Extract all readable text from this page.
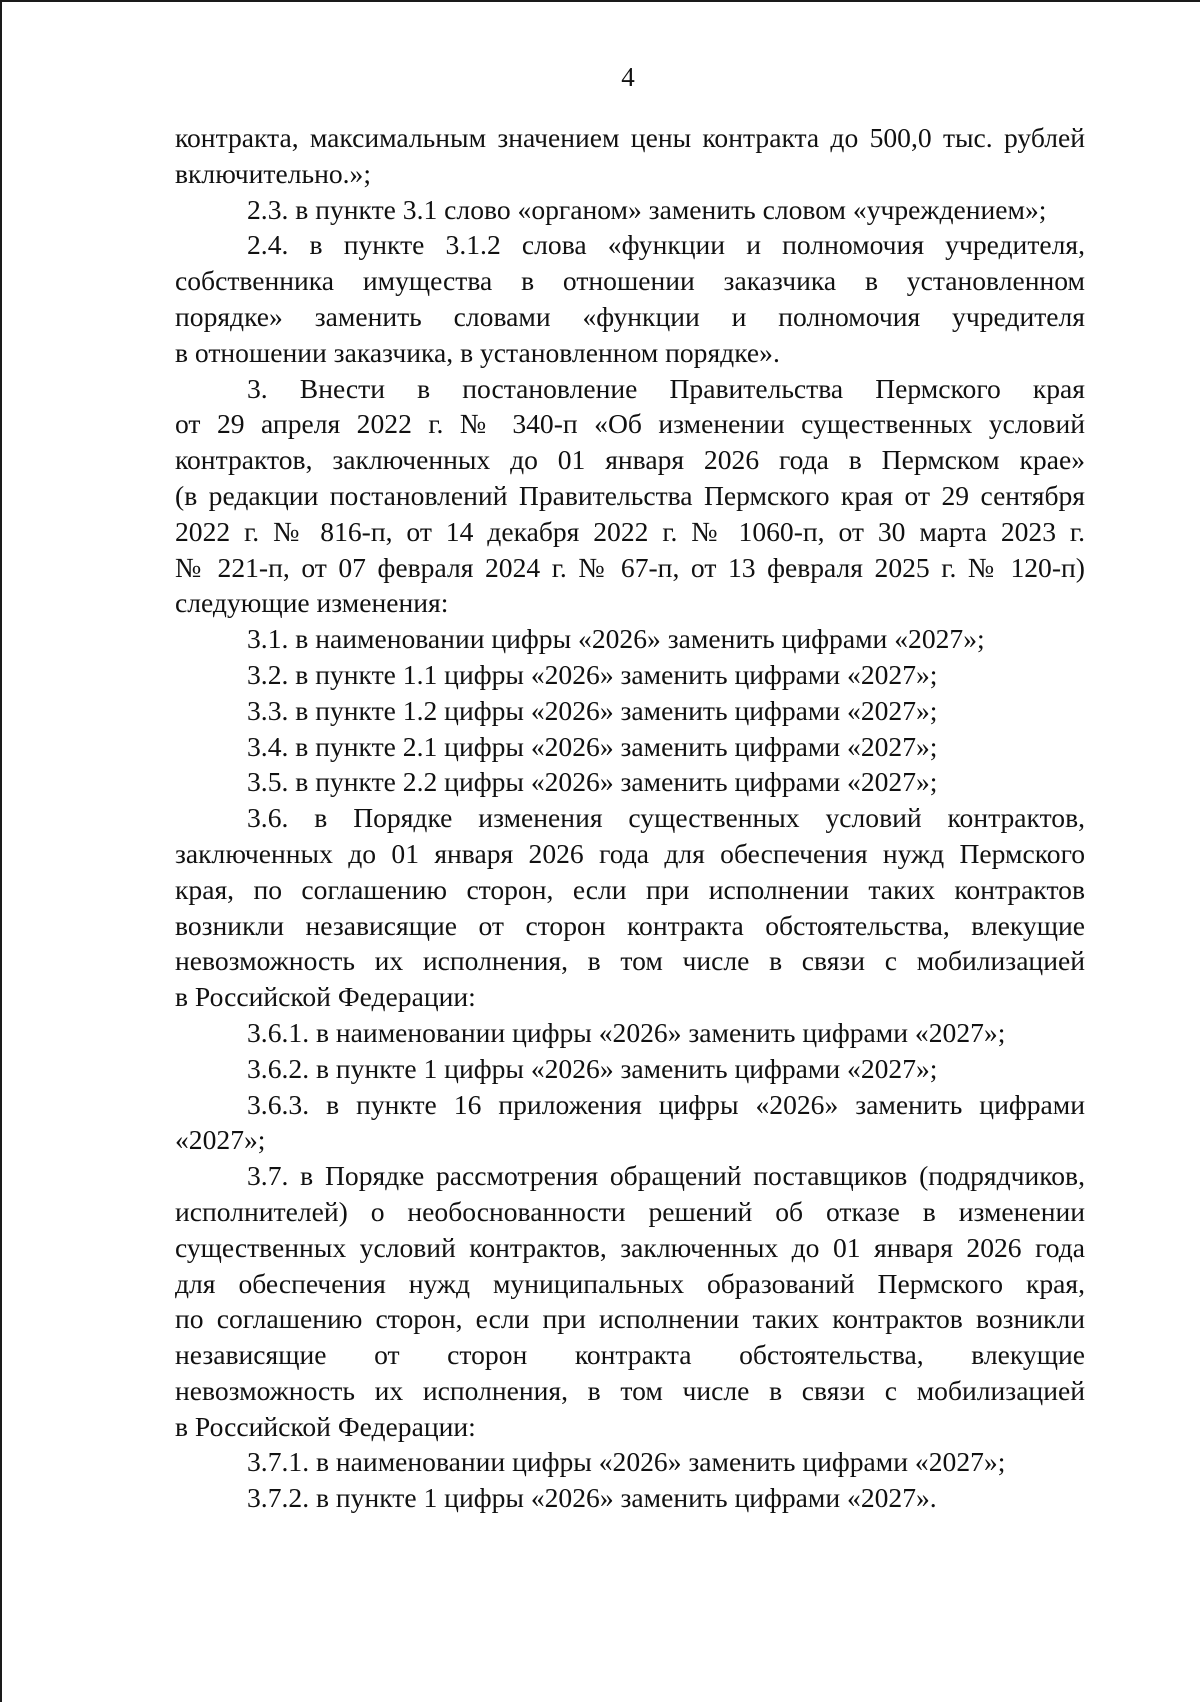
4
контракта, максимальным значением цены контракта до 500,0 тыс. рублей
включительно.»;
2.3. в пункте 3.1 слово «органом» заменить словом «учреждением»;
2.4. в пункте 3.1.2 слова «функции и полномочия учредителя,
собственника имущества в отношении заказчика в установленном
порядке» заменить словами «функции и полномочия учредителя
в отношении заказчика, в установленном порядке».
3. Внести в постановление Правительства Пермского края
от 29 апреля 2022 г. № 340-п «Об изменении существенных условий
контрактов, заключенных до 01 января 2026 года в Пермском крае»
(в редакции постановлений Правительства Пермского края от 29 сентября
2022 г. № 816-п, от 14 декабря 2022 г. № 1060-п, от 30 марта 2023 г.
№ 221-п, от 07 февраля 2024 г. № 67-п, от 13 февраля 2025 г. № 120-п)
следующие изменения:
3.1. в наименовании цифры «2026» заменить цифрами «2027»;
3.2. в пункте 1.1 цифры «2026» заменить цифрами «2027»;
3.3. в пункте 1.2 цифры «2026» заменить цифрами «2027»;
3.4. в пункте 2.1 цифры «2026» заменить цифрами «2027»;
3.5. в пункте 2.2 цифры «2026» заменить цифрами «2027»;
3.6. в Порядке изменения существенных условий контрактов,
заключенных до 01 января 2026 года для обеспечения нужд Пермского
края, по соглашению сторон, если при исполнении таких контрактов
возникли независящие от сторон контракта обстоятельства, влекущие
невозможность их исполнения, в том числе в связи с мобилизацией
в Российской Федерации:
3.6.1. в наименовании цифры «2026» заменить цифрами «2027»;
3.6.2. в пункте 1 цифры «2026» заменить цифрами «2027»;
3.6.3. в пункте 16 приложения цифры «2026» заменить цифрами
«2027»;
3.7. в Порядке рассмотрения обращений поставщиков (подрядчиков,
исполнителей) о необоснованности решений об отказе в изменении
существенных условий контрактов, заключенных до 01 января 2026 года
для обеспечения нужд муниципальных образований Пермского края,
по соглашению сторон, если при исполнении таких контрактов возникли
независящие от сторон контракта обстоятельства, влекущие
невозможность их исполнения, в том числе в связи с мобилизацией
в Российской Федерации:
3.7.1. в наименовании цифры «2026» заменить цифрами «2027»;
3.7.2. в пункте 1 цифры «2026» заменить цифрами «2027».
